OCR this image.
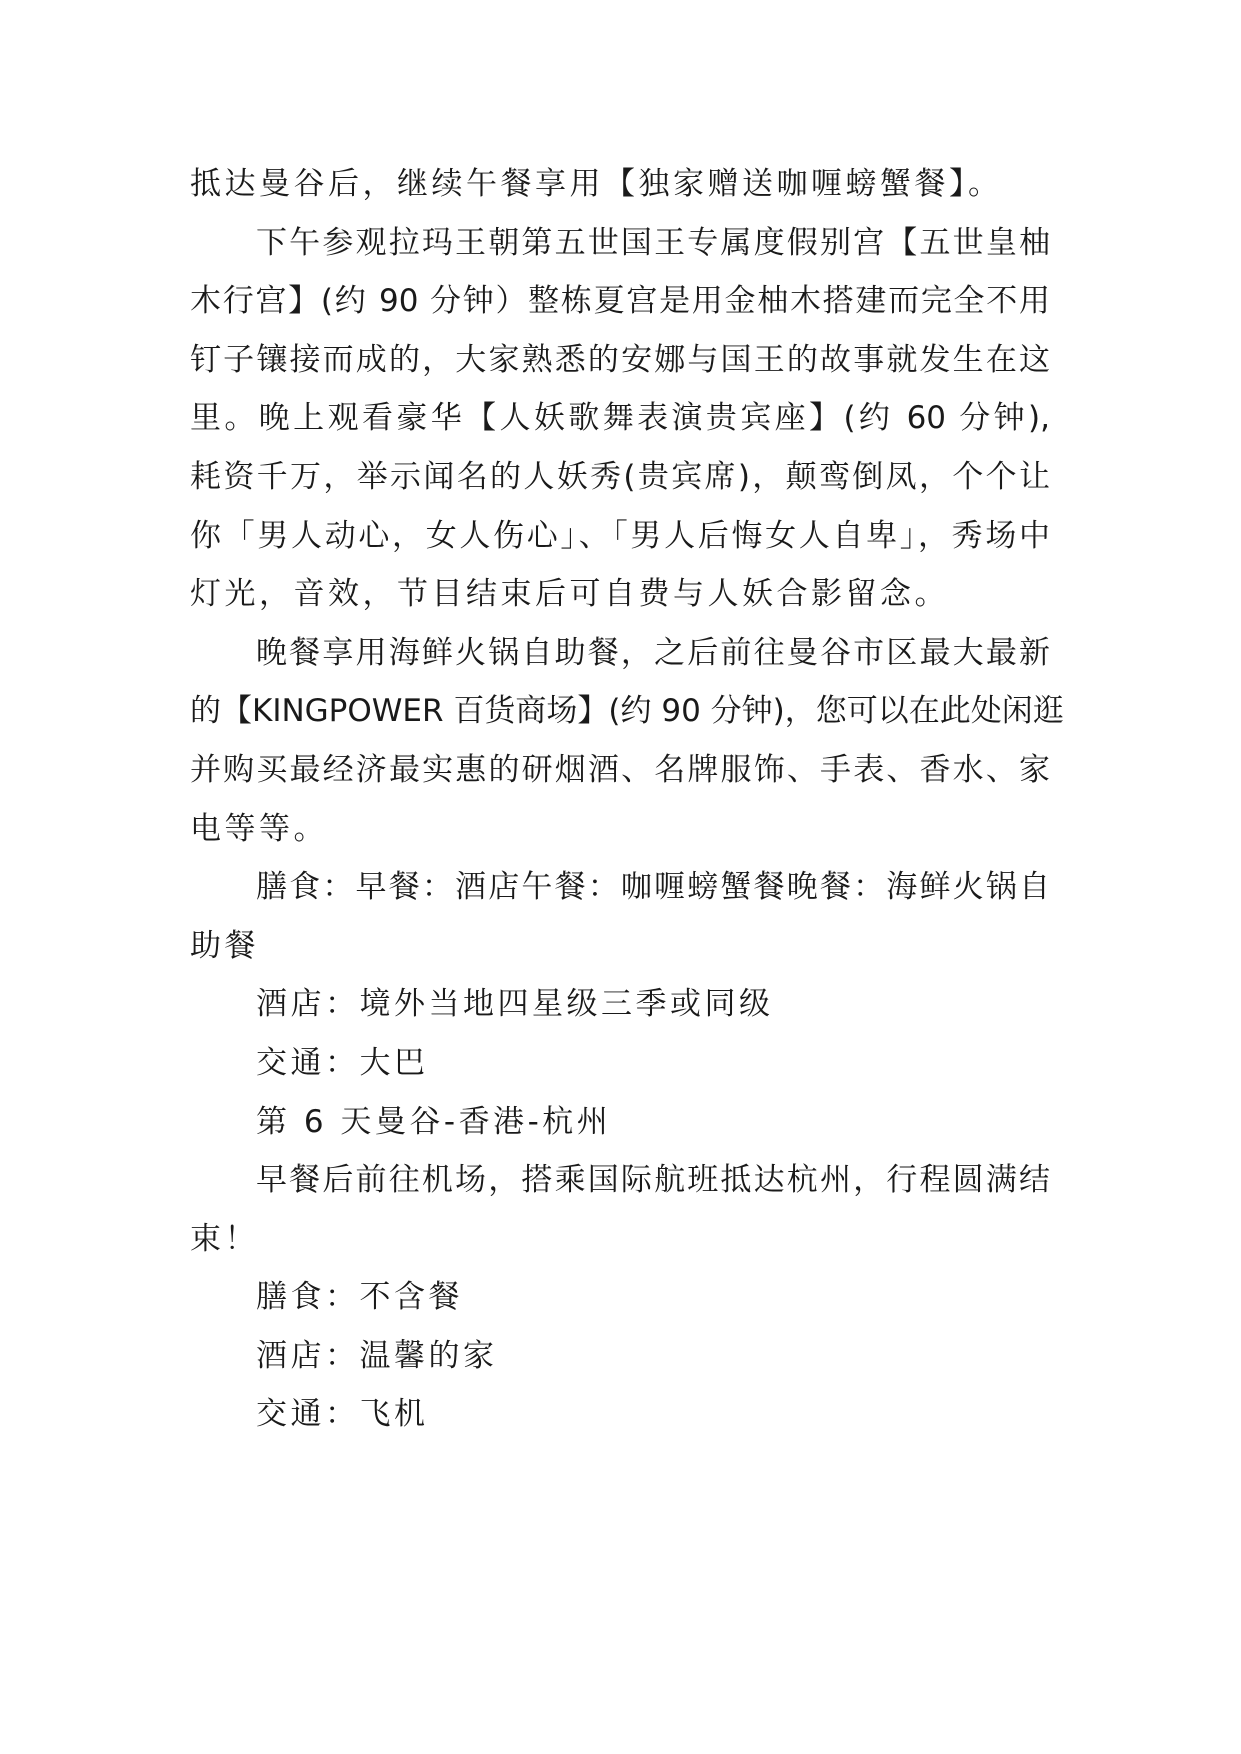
抵达曼谷后，继续午餐享用【独家赠送咖喱螃蟹餐】。
下午参观拉玛王朝第五世国王专属度假别宫【五世皇柚
木行宫】(约 90 分钟）整栋夏宫是用金柚木搭建而完全不用
钉子镶接而成的，大家熟悉的安娜与国王的故事就发生在这
里。晚上观看豪华【人妖歌舞表演贵宾座】(约 60 分钟),
耗资千万，举示闻名的人妖秀(贵宾席)，颠鸾倒凤，个个让
你「男人动心，女人伤心」、「男人后悔女人自卑」，秀场中
灯光，音效，节目结束后可自费与人妖合影留念。
晚餐享用海鲜火锅自助餐，之后前往曼谷市区最大最新
的【KINGPOWER 百货商场】(约 90 分钟)，您可以在此处闲逛
并购买最经济最实惠的研烟酒、名牌服饰、手表、香水、家
电等等。
膳食：早餐：酒店午餐：咖喱螃蟹餐晚餐：海鲜火锅自
助餐
酒店：境外当地四星级三季或同级
交通：大巴
第 6 天曼谷-香港-杭州
早餐后前往机场，搭乘国际航班抵达杭州，行程圆满结
束！
膳食：不含餐
酒店：温馨的家
交通：飞机
